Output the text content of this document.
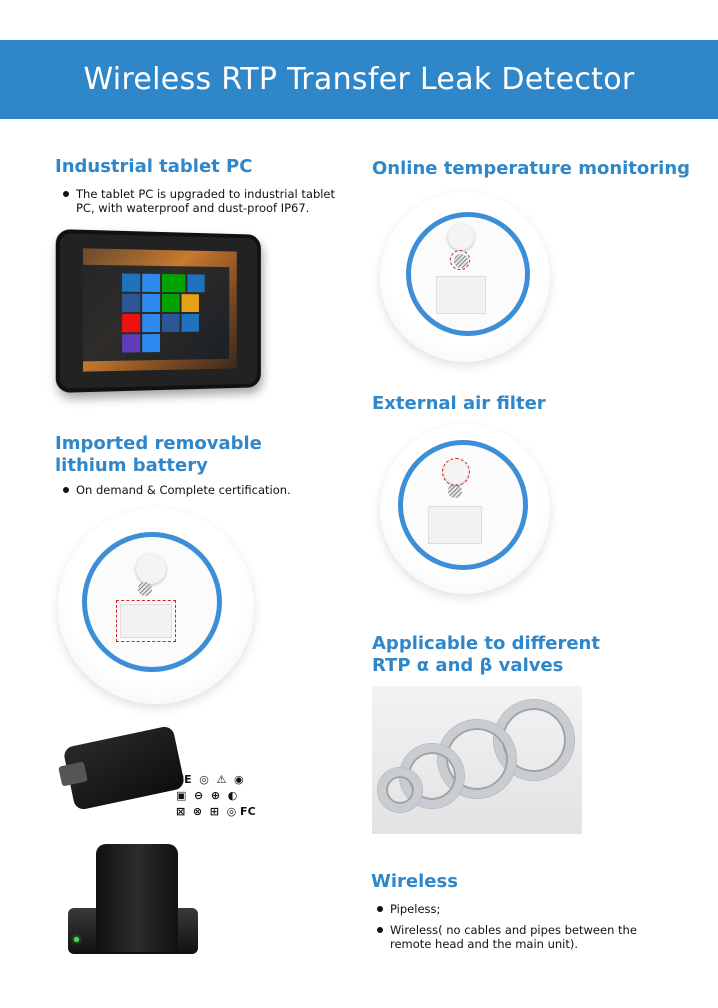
Wireless RTP Transfer Leak Detector
Industrial tablet PC
The tablet PC is upgraded to industrial tablet PC, with waterproof and dust-proof IP67.
Imported removable
lithium battery
On demand & Complete certification.
CE  ◎  ⚠  ◉
▣  ⊖  ⊕  ◐
⊠  ⊗  ⊞  ◎ FC
Online temperature monitoring
External air filter
Applicable to different
RTP α and β valves
Wireless
Pipeless;
Wireless( no cables and pipes between the remote head and the main unit).
